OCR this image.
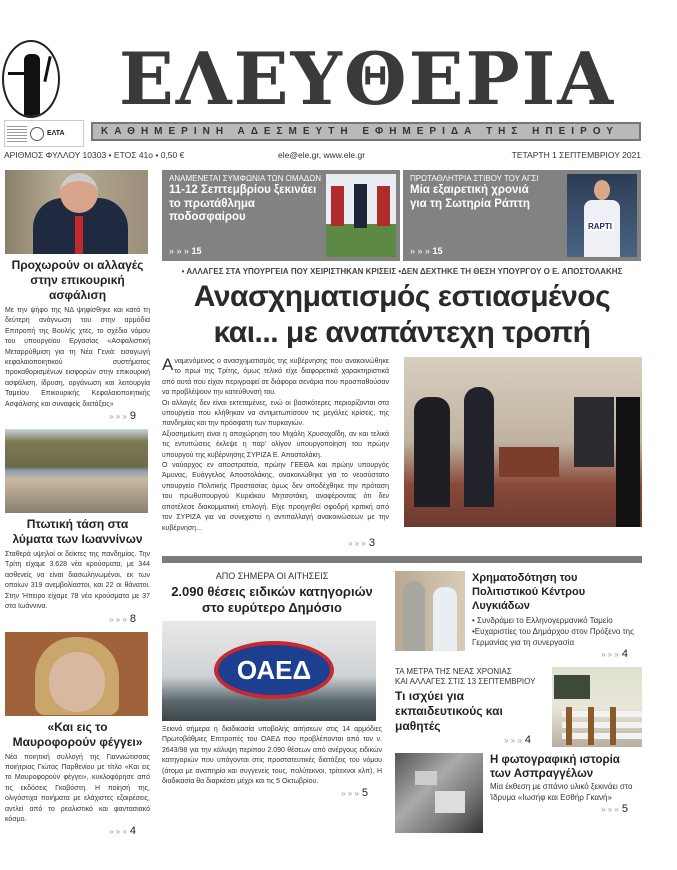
ΕΛΤΑ
ΕΛΕΥΘΕΡΙΑ
ΚΑΘΗΜΕΡΙΝΗ ΑΔΕΣΜΕΥΤΗ ΕΦΗΜΕΡΙΔΑ ΤΗΣ ΗΠΕΙΡΟΥ
ΑΡΙΘΜΟΣ ΦΥΛΛΟΥ 10303 • ΕΤΟΣ 41ο • 0,50 €	ele@ele.gr, www.ele.gr	ΤΕΤΑΡΤΗ 1 ΣΕΠΤΕΜΒΡΙΟΥ 2021
Προχωρούν οι αλλαγές στην επικουρική ασφάλιση
Με την ψήφο της ΝΔ ψηφίσθηκε και κατά τη δεύτερη ανάγνωση του στην αρμόδια Επιτροπή της Βουλής χτες, το σχέδιο νόμου του υπουργείου Εργασίας «Ασφαλιστική Μεταρρύθμιση για τη Νέα Γενιά: εισαγωγή κεφαλαιοποιητικού συστήματος προκαθορισμένων εισφορών στην επικουρική ασφάλιση, ίδρυση, οργάνωση και λειτουργία Ταμείου Επικουρικής Κεφαλαιοποιητικής Ασφάλισης και συναφείς διατάξεις»
» » » 9
Πτωτική τάση στα λύματα των Ιωαννίνων
Σταθερά υψηλοί οι δείκτες της πανδημίας. Την Τρίτη είχαμε 3.628 νέα κρούσματα, με 344 ασθενείς να είναι διασωληνωμένοι, εκ των οποίων 319 ανεμβολίαστοι, και 22 οι θάνατοι. Στην Ήπειρο είχαμε 78 νέα κρούσματα με 37 στα Ιωάννινα.
» » » 8
«Και εις το Μαυροφορούν φέγγει»
Νέα ποιητική συλλογή της Γιαννιώτισσας ποιήτριας Γιώτας Παρθενίου με τίτλο «Και εις το Μαυροφορούν φέγγει», κυκλοφόρησε από τις εκδόσεις Γκοβόστη. Η ποίησή της, ολιγόστιχα ποιήματα με ελάχιστες εξαιρέσεις, αντλεί από το ρεαλιστικό και φαντασιακό κόσμο.
» » » 4
ΑΝΑΜΕΝΕΤΑΙ ΣΥΜΦΩΝΙΑ ΤΩΝ ΟΜΑΔΩΝ
11-12 Σεπτεμβρίου ξεκινάει
το πρωτάθλημα ποδοσφαίρου
» » » 15
ΠΡΩΤΑΘΛΗΤΡΙΑ ΣΤΙΒΟΥ ΤΟΥ ΑΓΣΙ
Μία εξαιρετική χρονιά
για τη Σωτηρία Ράπτη
» » » 15
RAPTI
• ΑΛΛΑΓΕΣ ΣΤΑ ΥΠΟΥΡΓΕΙΑ ΠΟΥ ΧΕΙΡΙΣΤΗΚΑΝ ΚΡΙΣΕΙΣ •ΔΕΝ ΔΕΧΤΗΚΕ ΤΗ ΘΕΣΗ ΥΠΟΥΡΓΟΥ Ο Ε. ΑΠΟΣΤΟΛΑΚΗΣ
Ανασχηματισμός εστιασμένος
και... με αναπάντεχη τροπή

Αναμενόμενος ο ανασχηματισμός της κυβέρνησης που ανακοινώθηκε το πρωί της Τρίτης, όμως τελικά είχε διαφορετικά χαρακτηριστικά από αυτά που είχαν περιγραφεί σε διάφορα σενάρια που προσπαθούσαν να προβλέψουν την κατεύθυνσή του.

Οι αλλαγές δεν είναι εκτεταμένες, ενώ οι βασικότερες περιορίζονται στα υπουργεία που κλήθηκαν να αντιμετωπίσουν τις μεγάλες κρίσεις, της πανδημίας και την πρόσφατη των πυρκαγιών.

Αξιοσημείωτη είναι η αποχώρηση του Μιχάλη Χρυσοχοΐδη, αν και τελικά τις εντυπώσεις έκλεψε η παρ' ολίγον υπουργοποίηση του πρώην υπουργού της κυβέρνησης ΣΥΡΙΖΑ Ε. Αποστολάκη.

Ο ναύαρχος εν αποστρατεία, πρώην ΓΕΕΘΑ και πρώην υπουργός Άμυνας, Ευάγγελος Αποστολάκης, ανακοινώθηκε για το νεοσύστατο υπουργείο Πολιτικής Προστασίας όμως δεν αποδέχθηκε την πρόταση του πρωθυπουργού Κυριάκου Μητσοτάκη, αναφέροντας ότι δεν αποτέλεσε διακομματική επιλογή. Είχε προηγηθεί σφοδρή κριτική από τον ΣΥΡΙΖΑ για να συνεχιστεί η αντιπαλλαγή ανακοινώσεων με την κυβέρνηση...

» » » 3
ΑΠΟ ΣΗΜΕΡΑ ΟΙ ΑΙΤΗΣΕΙΣ
2.090 θέσεις ειδικών κατηγοριών
στο ευρύτερο Δημόσιο
ΟΑΕΔ
Ξεκινά σήμερα η διαδικασία υποβολής αιτήσεων στις 14 αρμόδιες Πρωτοβάθμιες Επιτροπές του ΟΑΕΔ που προβλέπονται από τον ν. 2643/98 για την κάλυψη περίπου 2.090 θέσεων από ανέργους ειδικών κατηγοριών που υπάγονται στις προστατευτικές διατάξεις του νόμου (άτομα με αναπηρία και συγγενείς τους, πολύτεκνοι, τρίτεκνοι κλπ). Η διαδικασία θα διαρκέσει μέχρι και τις 5 Οκτωβρίου.
» » » 5
Χρηματοδότηση του
Πολιτιστικού Κέντρου Λυγκιάδων
• Συνδράμει το Ελληνογερμανικό Ταμείο
•Ευχαριστίες του Δημάρχου στον Πρόξενο της Γερμανίας για τη συνεργασία
» » » 4
ΤΑ ΜΕΤΡΑ ΤΗΣ ΝΕΑΣ ΧΡΟΝΙΑΣ
ΚΑΙ ΑΛΛΑΓΕΣ ΣΤΙΣ 13 ΣΕΠΤΕΜΒΡΙΟΥ
Τι ισχύει για
εκπαιδευτικούς και μαθητές
» » » 4
Η φωτογραφική ιστορία
των Ασπραγγέλων
Μία έκθεση με σπάνιο υλικό ξεκινάει στο Ίδρυμα «Ιωσήφ και Εσθήρ Γκανή»
» » » 5
